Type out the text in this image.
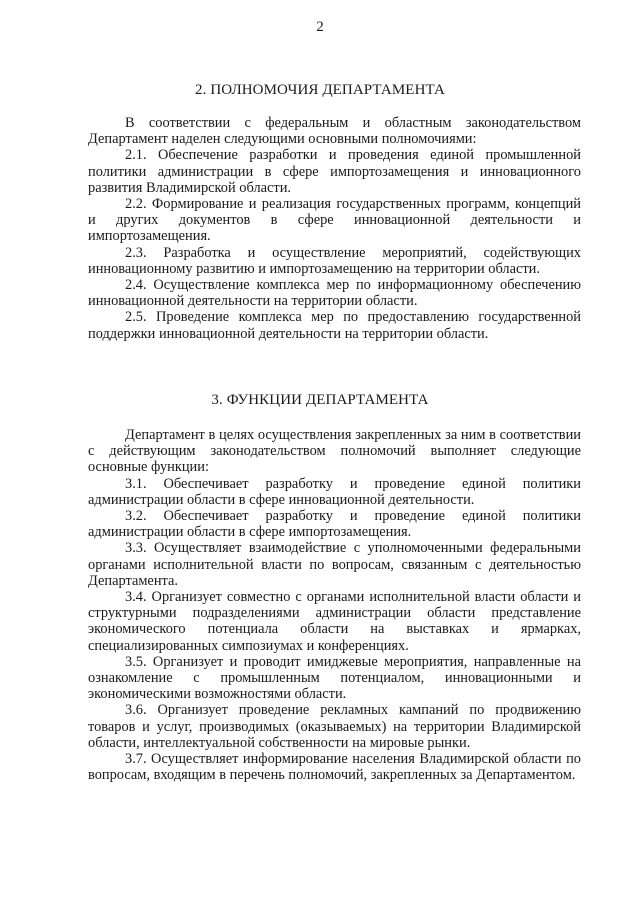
2
2. ПОЛНОМОЧИЯ ДЕПАРТАМЕНТА

В соответствии с федеральным и областным законодательством Департамент наделен следующими основными полномочиями:

2.1. Обеспечение разработки и проведения единой промышленной политики администрации в сфере импортозамещения и инновационного развития Владимирской области.

2.2. Формирование и реализация государственных программ, концепций и других документов в сфере инновационной деятельности и импортозамещения.

2.3. Разработка и осуществление мероприятий, содействующих инновационному развитию и импортозамещению на территории области.

2.4. Осуществление комплекса мер по информационному обеспечению инновационной деятельности на территории области.

2.5. Проведение комплекса мер по предоставлению государственной поддержки инновационной деятельности на территории области.

3. ФУНКЦИИ ДЕПАРТАМЕНТА

Департамент в целях осуществления закрепленных за ним в соответствии с действующим законодательством полномочий выполняет следующие основные функции:

3.1. Обеспечивает разработку и проведение единой политики администрации области в сфере инновационной деятельности.

3.2. Обеспечивает разработку и проведение единой политики администрации области в сфере импортозамещения.

3.3. Осуществляет взаимодействие с уполномоченными федеральными органами исполнительной власти по вопросам, связанным с деятельностью Департамента.

3.4. Организует совместно с органами исполнительной власти области и структурными подразделениями администрации области представление экономического потенциала области на выставках и ярмарках, специализированных симпозиумах и конференциях.

3.5. Организует и проводит имиджевые мероприятия, направленные на ознакомление с промышленным потенциалом, инновационными и экономическими возможностями области.

3.6. Организует проведение рекламных кампаний по продвижению товаров и услуг, производимых (оказываемых) на территории Владимирской области, интеллектуальной собственности на мировые рынки.

3.7. Осуществляет информирование населения Владимирской области по вопросам, входящим в перечень полномочий, закрепленных за Департаментом.
